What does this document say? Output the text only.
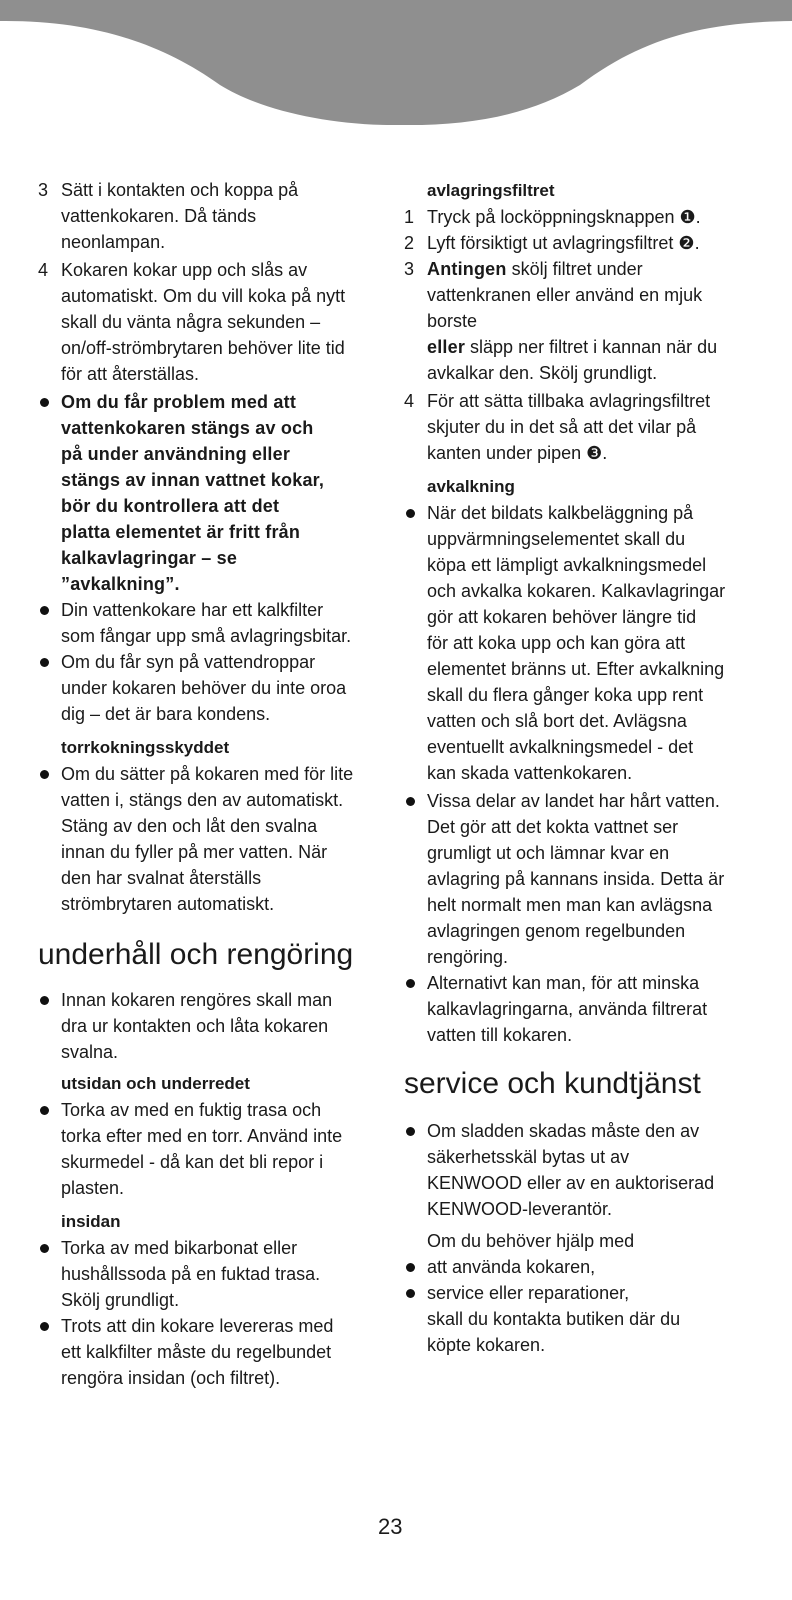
3 Sätt i kontakten och koppa på
vattenkokaren. Då tänds
neonlampan.
4 Kokaren kokar upp och slås av
automatiskt. Om du vill koka på nytt
skall du vänta några sekunden –
on/off-strömbrytaren behöver lite tid
för att återställas.
Om du får problem med att
vattenkokaren stängs av och
på under användning eller
stängs av innan vattnet kokar,
bör du kontrollera att det
platta elementet är fritt från
kalkavlagringar – se
”avkalkning”.
Din vattenkokare har ett kalkfilter
som fångar upp små avlagringsbitar.
Om du får syn på vattendroppar
under kokaren behöver du inte oroa
dig – det är bara kondens.
torrkokningsskyddet
Om du sätter på kokaren med för lite
vatten i, stängs den av automatiskt.
Stäng av den och låt den svalna
innan du fyller på mer vatten. När
den har svalnat återställs
strömbrytaren automatiskt.
underhåll och rengöring
Innan kokaren rengöres skall man
dra ur kontakten och låta kokaren
svalna.
utsidan och underredet
Torka av med en fuktig trasa och
torka efter med en torr. Använd inte
skurmedel - då kan det bli repor i
plasten.
insidan
Torka av med bikarbonat eller
hushållssoda på en fuktad trasa.
Skölj grundligt.
Trots att din kokare levereras med
ett kalkfilter måste du regelbundet
rengöra insidan (och filtret).
avlagringsfiltret
1 Tryck på locköppningsknappen ❶.
2 Lyft försiktigt ut avlagringsfiltret ❷.
3 Antingen skölj filtret under
vattenkranen eller använd en mjuk
borste
eller släpp ner filtret i kannan när du
avkalkar den. Skölj grundligt.
4 För att sätta tillbaka avlagringsfiltret
skjuter du in det så att det vilar på
kanten under pipen ❸.
avkalkning
När det bildats kalkbeläggning på
uppvärmningselementet skall du
köpa ett lämpligt avkalkningsmedel
och avkalka kokaren. Kalkavlagringar
gör att kokaren behöver längre tid
för att koka upp och kan göra att
elementet bränns ut. Efter avkalkning
skall du flera gånger koka upp rent
vatten och slå bort det. Avlägsna
eventuellt avkalkningsmedel - det
kan skada vattenkokaren.
Vissa delar av landet har hårt vatten.
Det gör att det kokta vattnet ser
grumligt ut och lämnar kvar en
avlagring på kannans insida. Detta är
helt normalt men man kan avlägsna
avlagringen genom regelbunden
rengöring.
Alternativt kan man, för att minska
kalkavlagringarna, använda filtrerat
vatten till kokaren.
service och kundtjänst
Om sladden skadas måste den av
säkerhetsskäl bytas ut av
KENWOOD eller av en auktoriserad
KENWOOD-leverantör.
Om du behöver hjälp med
att använda kokaren,
service eller reparationer,
skall du kontakta butiken där du
köpte kokaren.
23
